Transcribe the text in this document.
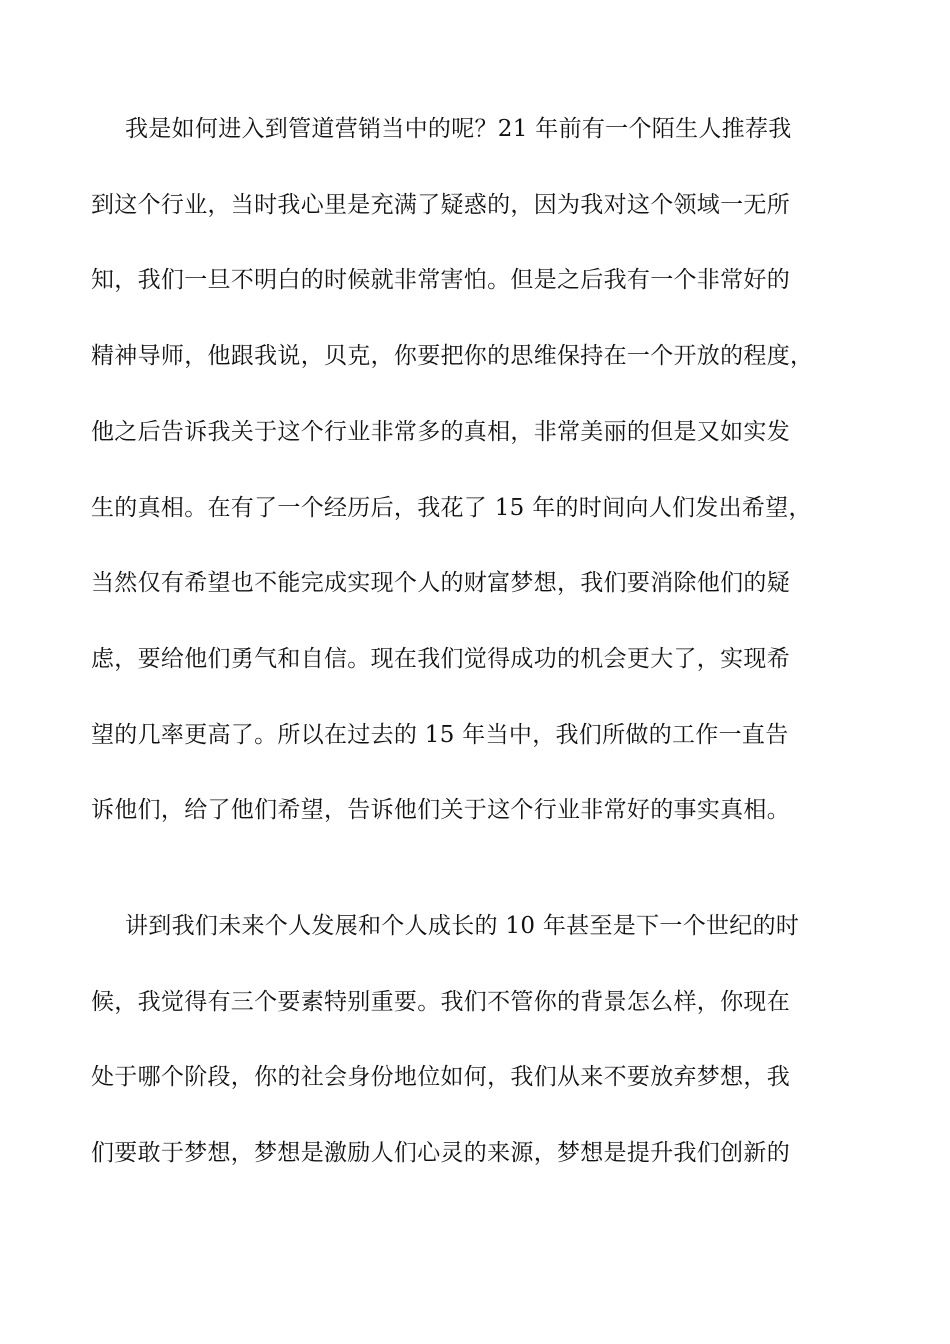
我是如何进入到管道营销当中的呢？21 年前有一个陌生人推荐我
到这个行业，当时我心里是充满了疑惑的，因为我对这个领域一无所
知，我们一旦不明白的时候就非常害怕。但是之后我有一个非常好的
精神导师，他跟我说，贝克，你要把你的思维保持在一个开放的程度，
他之后告诉我关于这个行业非常多的真相，非常美丽的但是又如实发
生的真相。在有了一个经历后，我花了 15 年的时间向人们发出希望，
当然仅有希望也不能完成实现个人的财富梦想，我们要消除他们的疑
虑，要给他们勇气和自信。现在我们觉得成功的机会更大了，实现希
望的几率更高了。所以在过去的 15 年当中，我们所做的工作一直告
诉他们，给了他们希望，告诉他们关于这个行业非常好的事实真相。
讲到我们未来个人发展和个人成长的 10 年甚至是下一个世纪的时
候，我觉得有三个要素特别重要。我们不管你的背景怎么样，你现在
处于哪个阶段，你的社会身份地位如何，我们从来不要放弃梦想，我
们要敢于梦想，梦想是激励人们心灵的来源，梦想是提升我们创新的
